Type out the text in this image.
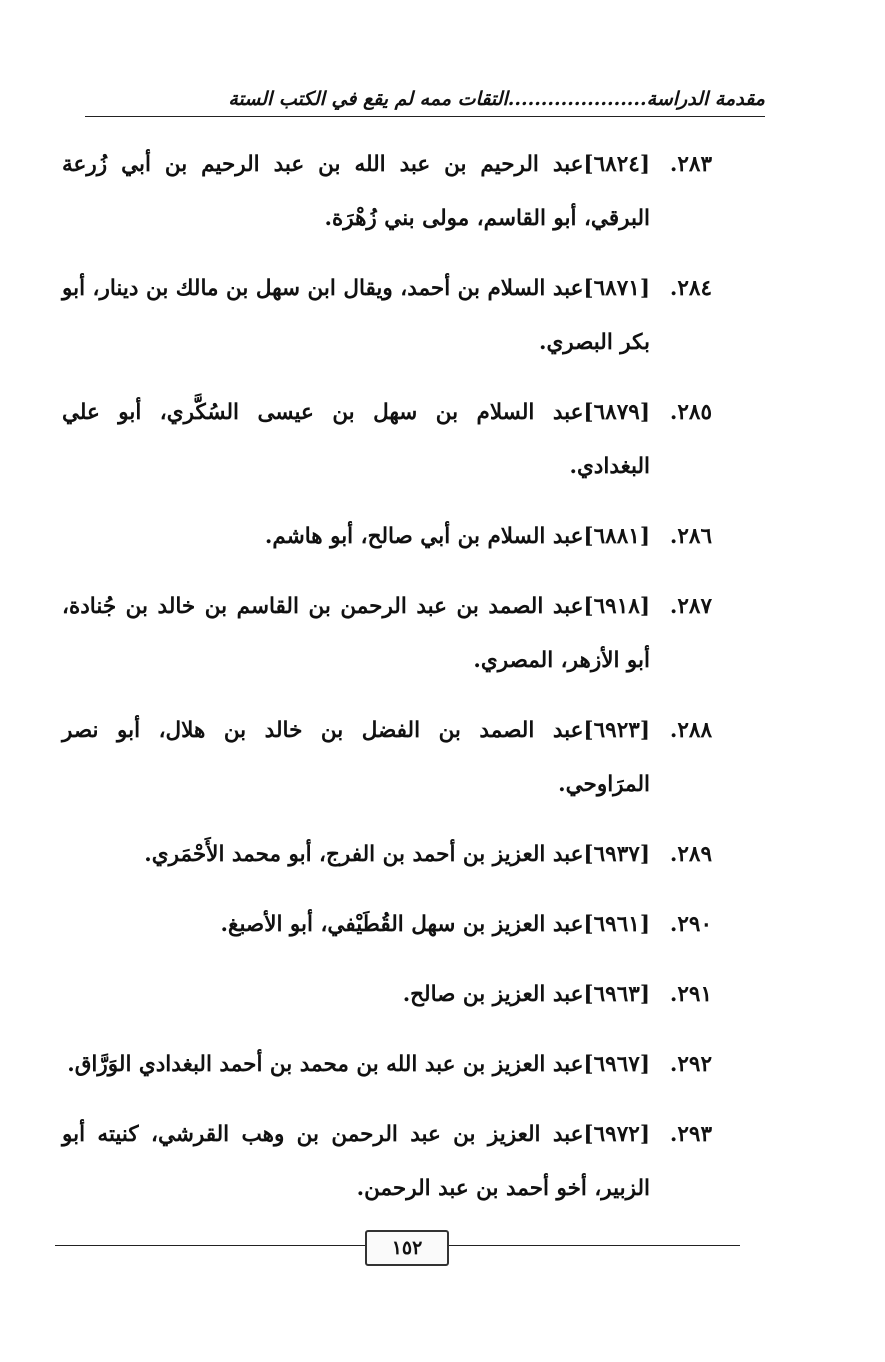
مقدمة الدراسة.....................التقات ممه لم يقع في الكتب الستة
٢٨٣.
[٦٨٢٤]عبد الرحيم بن عبد الله بن عبد الرحيم بن أبي زُرعة البرقي، أبو القاسم، مولى بني زُهْرَة.
٢٨٤.
[٦٨٧١]عبد السلام بن أحمد، ويقال ابن سهل بن مالك بن دينار، أبو بكر البصري.
٢٨٥.
[٦٨٧٩]عبد السلام بن سهل بن عيسى السُكَّري، أبو علي البغدادي.
٢٨٦.
[٦٨٨١]عبد السلام بن أبي صالح، أبو هاشم.
٢٨٧.
[٦٩١٨]عبد الصمد بن عبد الرحمن بن القاسم بن خالد بن جُنادة، أبو الأزهر، المصري.
٢٨٨.
[٦٩٢٣]عبد الصمد بن الفضل بن خالد بن هلال، أبو نصر المرَاوحي.
٢٨٩.
[٦٩٣٧]عبد العزيز بن أحمد بن الفرج، أبو محمد الأَحْمَري.
٢٩٠.
[٦٩٦١]عبد العزيز بن سهل القُطَيْفي، أبو الأصبغ.
٢٩١.
[٦٩٦٣]عبد العزيز بن صالح.
٢٩٢.
[٦٩٦٧]عبد العزيز بن عبد الله بن محمد بن أحمد البغدادي الوَرَّاق.
٢٩٣.
[٦٩٧٢]عبد العزيز بن عبد الرحمن بن وهب القرشي، كنيته أبو الزبير، أخو أحمد بن عبد الرحمن.
١٥٢
